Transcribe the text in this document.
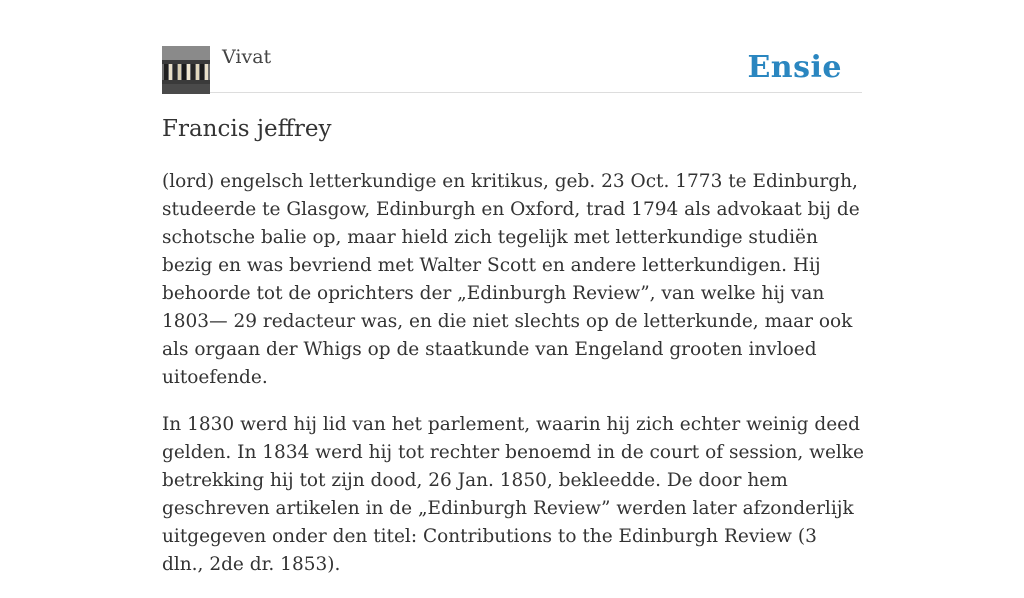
Vivat	Ensie
Francis jeffrey

(lord) engelsch letterkundige en kritikus, geb. 23 Oct. 1773 te Edinburgh, studeerde te Glasgow, Edinburgh en Oxford, trad 1794 als advokaat bij de schotsche balie op, maar hield zich tegelijk met letterkundige studiën bezig en was bevriend met Walter Scott en andere letterkundigen. Hij behoorde tot de oprichters der „Edinburgh Review”, van welke hij van 1803— 29 redacteur was, en die niet slechts op de letterkunde, maar ook als orgaan der Whigs op de staatkunde van Engeland grooten invloed uitoefende.

In 1830 werd hij lid van het parlement, waarin hij zich echter weinig deed gelden. In 1834 werd hij tot rechter benoemd in de court of session, welke betrekking hij tot zijn dood, 26 Jan. 1850, bekleedde. De door hem geschreven artikelen in de „Edinburgh Review” werden later afzonderlijk uitgegeven onder den titel: Contributions to the Edinburgh Review (3 dln., 2de dr. 1853).
